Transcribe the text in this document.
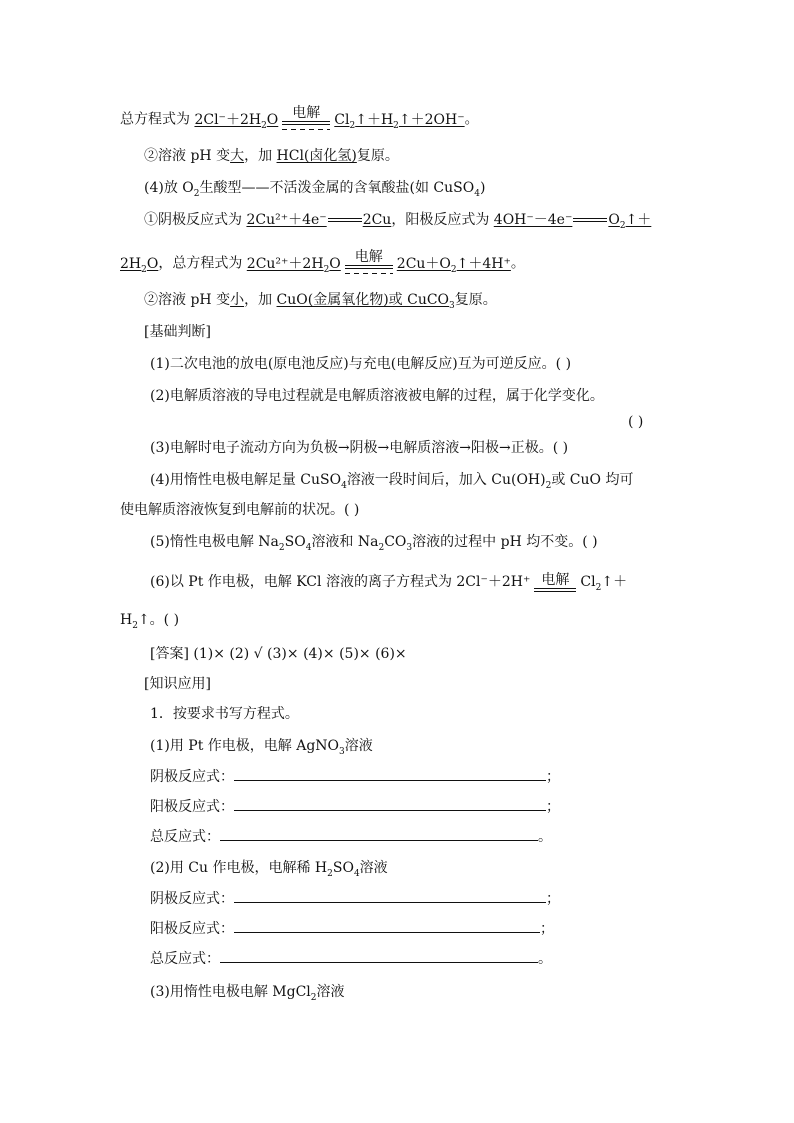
总方程式为 $2Cl^-+2H_2O$	电解	$Cl_2↑+H_2↑+2OH^-$。
②溶液 pH 变大，加 HCl(卤化氢)复原。
(4)放 $O_2$生酸型——不活泼金属的含氧酸盐(如 CuSO$_4$)
①阴极反应式为 2Cu²⁺＋4e⁻	2Cu，阳极反应式为 4OH⁻－4e⁻	$O_2↑+$
$2H_2O$，总方程式为 $2Cu^{2+}+2H_2O$	电解	$2Cu+O_2↑+4H^+$。
②溶液 pH 变小，加 CuO(金属氧化物)或 CuCO$_3$复原。
[基础判断]
(1)二次电池的放电(原电池反应)与充电(电解反应)互为可逆反应。( )
(2)电解质溶液的导电过程就是电解质溶液被电解的过程，属于化学变化。
( )
(3)电解时电子流动方向为负极→阴极→电解质溶液→阳极→正极。( )
(4)用惰性电极电解足量 CuSO$_4$溶液一段时间后，加入 $Cu(OH)_2$或 CuO 均可
使电解质溶液恢复到电解前的状况。( )
(5)惰性电极电解 $Na_2SO_4$溶液和 $Na_2CO_3$溶液的过程中 pH 均不变。( )
(6)以 Pt 作电极，电解 KCl 溶液的离子方程式为 2Cl⁻＋2H⁺ 电解 $Cl_2↑+$
$H_2↑$。( )
[答案] (1)× (2) √ (3)× (4)× (5)× (6)×
[知识应用]
1．按要求书写方程式。
(1)用 Pt 作电极，电解 AgNO$_3$溶液
阴极反应式：	；
阳极反应式：	；
总反应式：	。
(2)用 Cu 作电极，电解稀 $H_2SO_4$溶液
阴极反应式：	；
阳极反应式：	；
总反应式：	。
(3)用惰性电极电解 MgCl$_2$溶液
